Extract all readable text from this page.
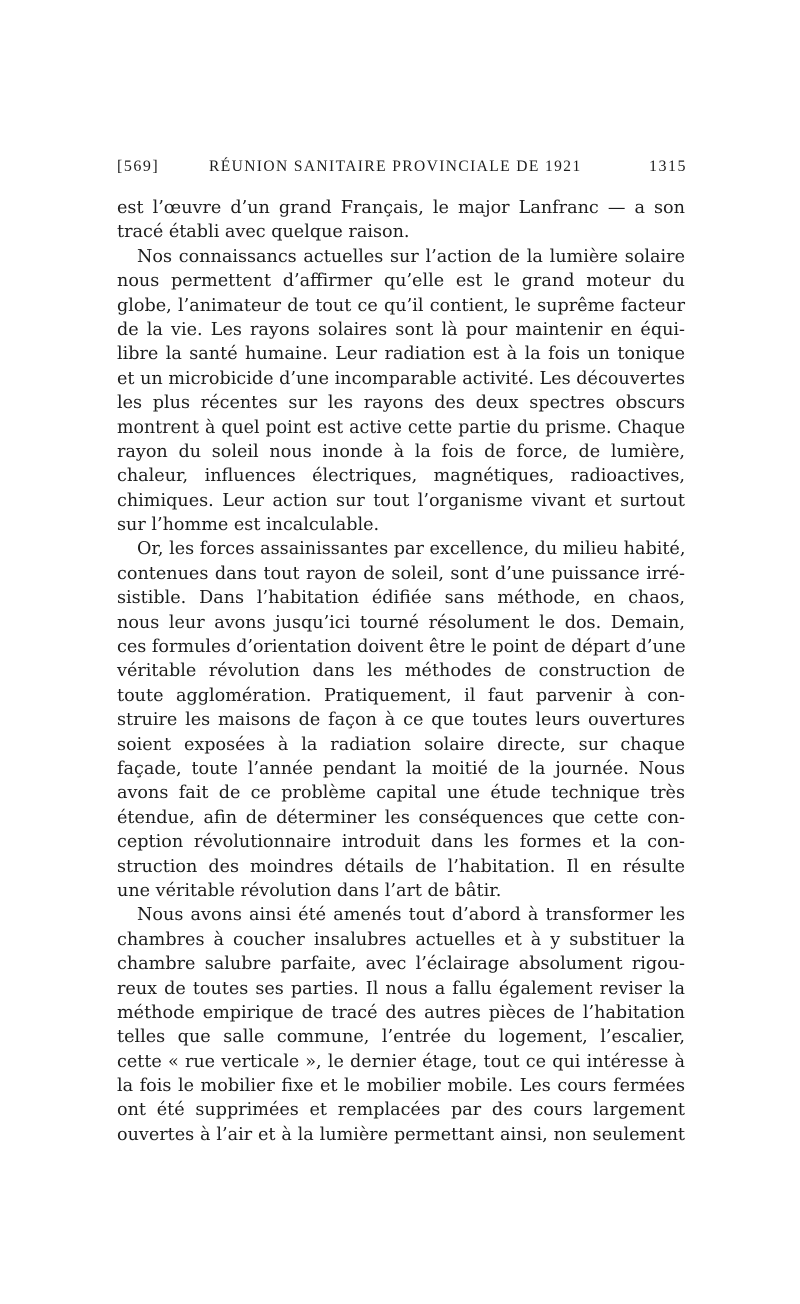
[569]	RÉUNION SANITAIRE PROVINCIALE DE 1921	1315
est l’œuvre d’un grand Français, le major Lanfranc — a son
tracé établi avec quelque raison.
Nos connaissancs actuelles sur l’action de la lumière solaire
nous permettent d’affirmer qu’elle est le grand moteur du
globe, l’animateur de tout ce qu’il contient, le suprême facteur
de la vie. Les rayons solaires sont là pour maintenir en équi-
libre la santé humaine. Leur radiation est à la fois un tonique
et un microbicide d’une incomparable activité. Les découvertes
les plus récentes sur les rayons des deux spectres obscurs
montrent à quel point est active cette partie du prisme. Chaque
rayon du soleil nous inonde à la fois de force, de lumière,
chaleur, influences électriques, magnétiques, radioactives,
chimiques. Leur action sur tout l’organisme vivant et surtout
sur l’homme est incalculable.
Or, les forces assainissantes par excellence, du milieu habité,
contenues dans tout rayon de soleil, sont d’une puissance irré-
sistible. Dans l’habitation édifiée sans méthode, en chaos,
nous leur avons jusqu’ici tourné résolument le dos. Demain,
ces formules d’orientation doivent être le point de départ d’une
véritable révolution dans les méthodes de construction de
toute agglomération. Pratiquement, il faut parvenir à con-
struire les maisons de façon à ce que toutes leurs ouvertures
soient exposées à la radiation solaire directe, sur chaque
façade, toute l’année pendant la moitié de la journée. Nous
avons fait de ce problème capital une étude technique très
étendue, afin de déterminer les conséquences que cette con-
ception révolutionnaire introduit dans les formes et la con-
struction des moindres détails de l’habitation. Il en résulte
une véritable révolution dans l’art de bâtir.
Nous avons ainsi été amenés tout d’abord à transformer les
chambres à coucher insalubres actuelles et à y substituer la
chambre salubre parfaite, avec l’éclairage absolument rigou-
reux de toutes ses parties. Il nous a fallu également reviser la
méthode empirique de tracé des autres pièces de l’habitation
telles que salle commune, l’entrée du logement, l’escalier,
cette « rue verticale », le dernier étage, tout ce qui intéresse à
la fois le mobilier fixe et le mobilier mobile. Les cours fermées
ont été supprimées et remplacées par des cours largement
ouvertes à l’air et à la lumière permettant ainsi, non seulement
